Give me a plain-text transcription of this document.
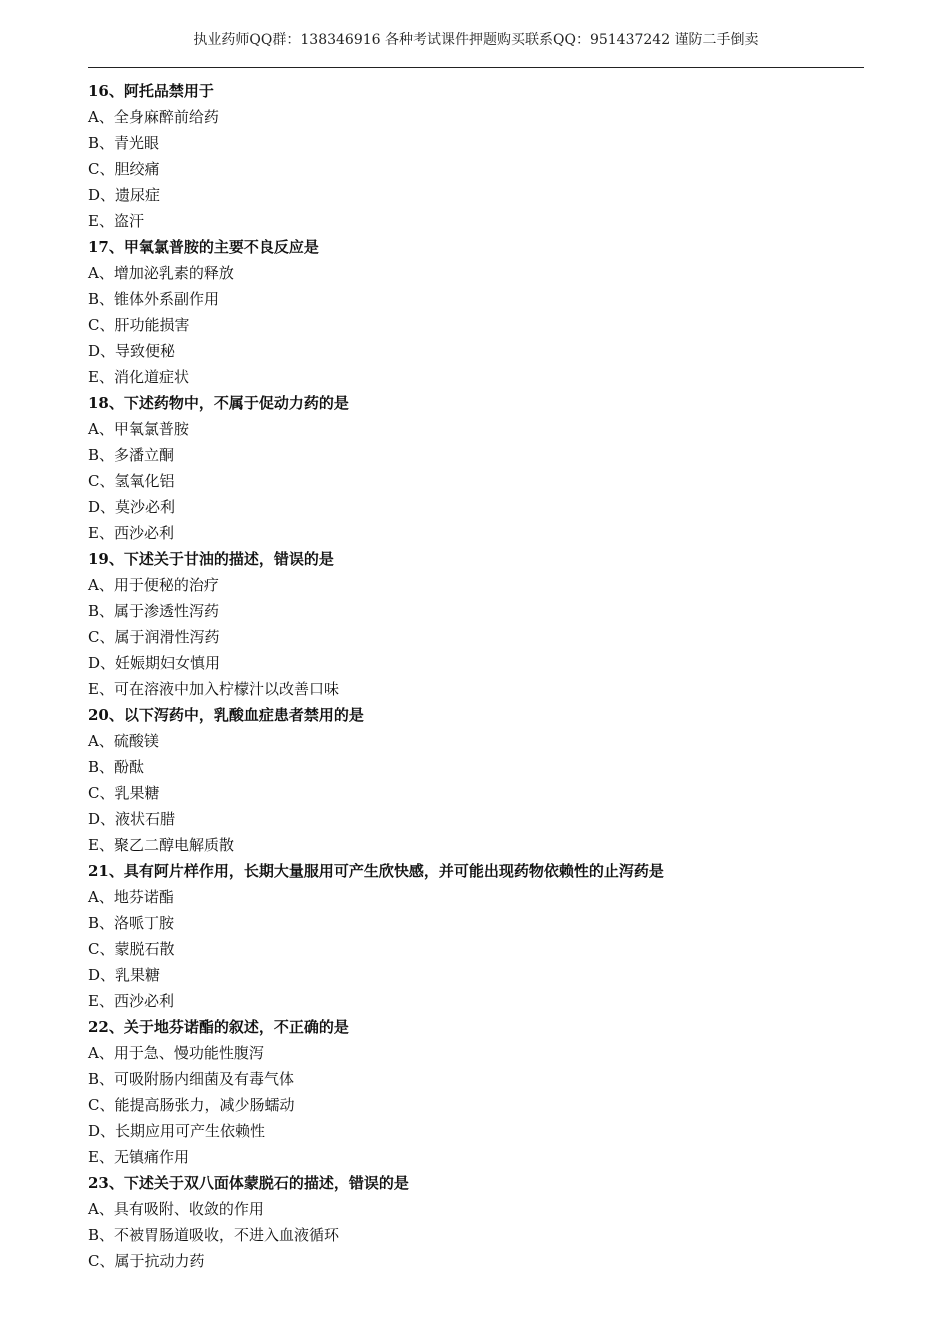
执业药师QQ群：138346916 各种考试课件押题购买联系QQ：951437242 谨防二手倒卖
16、阿托品禁用于
A、全身麻醉前给药
B、青光眼
C、胆绞痛
D、遗尿症
E、盗汗
17、甲氧氯普胺的主要不良反应是
A、增加泌乳素的释放
B、锥体外系副作用
C、肝功能损害
D、导致便秘
E、消化道症状
18、下述药物中，不属于促动力药的是
A、甲氧氯普胺
B、多潘立酮
C、氢氧化铝
D、莫沙必利
E、西沙必利
19、下述关于甘油的描述，错误的是
A、用于便秘的治疗
B、属于渗透性泻药
C、属于润滑性泻药
D、妊娠期妇女慎用
E、可在溶液中加入柠檬汁以改善口味
20、以下泻药中，乳酸血症患者禁用的是
A、硫酸镁
B、酚酞
C、乳果糖
D、液状石腊
E、聚乙二醇电解质散
21、具有阿片样作用，长期大量服用可产生欣快感，并可能出现药物依赖性的止泻药是
A、地芬诺酯
B、洛哌丁胺
C、蒙脱石散
D、乳果糖
E、西沙必利
22、关于地芬诺酯的叙述，不正确的是
A、用于急、慢功能性腹泻
B、可吸附肠内细菌及有毒气体
C、能提高肠张力，减少肠蠕动
D、长期应用可产生依赖性
E、无镇痛作用
23、下述关于双八面体蒙脱石的描述，错误的是
A、具有吸附、收敛的作用
B、不被胃肠道吸收，不进入血液循环
C、属于抗动力药
